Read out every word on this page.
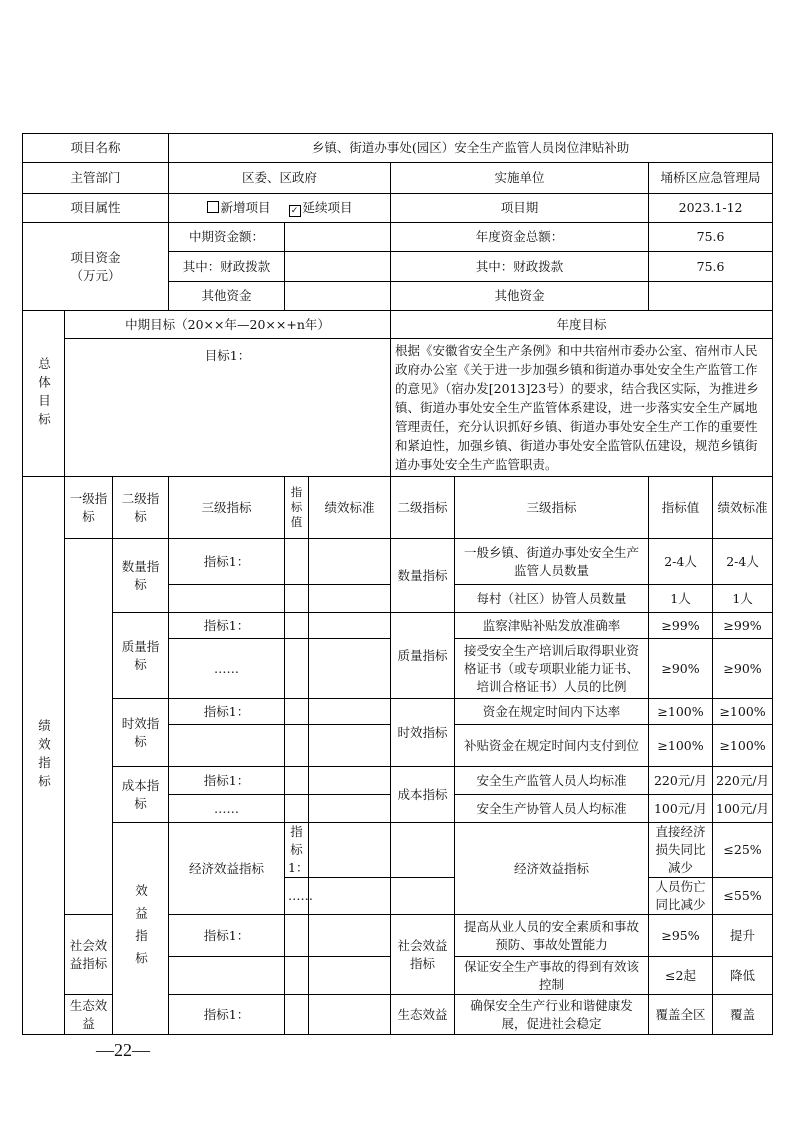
项目名称			乡镇、街道办事处(园区）安全生产监管人员岗位津贴补助							
主管部门			区委、区政府			实施单位		埇桥区应急管理局		
项目属性			新增项目 ✓ 延续项目			项目期		2023.1-12		
项目资金
（万元）			中期资金额：			年度资金总额：		75.6		
			其中：财政拨款			其中：财政拨款		75.6		
			其他资金			其他资金				
总体目标	中期目标（20××年—20××+n年）					年度目标				
	目标1：					根据《安徽省安全生产条例》和中共宿州市委办公室、宿州市人民政府办公室《关于进一步加强乡镇和街道办事处安全生产监管工作的意见》（宿办发[2013]23号）的要求，结合我区实际，为推进乡镇、街道办事处安全生产监管体系建设，进一步落实安全生产属地管理责任，充分认识抓好乡镇、街道办事处安全生产工作的重要性和紧迫性，加强乡镇、街道办事处安全监管队伍建设，规范乡镇街道办事处安全生产监管职责。				
绩效指标	一级指标	二级指标	三级指标	指标值	绩效标准	二级指标	三级指标	指标值	绩效标准	
		数量指标	指标1：			数量指标	一般乡镇、街道办事处安全生产监管人员数量	2-4人	2-4人	
							每村（社区）协管人员数量	1人	1人	
		质量指标	指标1：			质量指标	监察津贴补贴发放准确率	≥99%	≥99%	
			……				接受安全生产培训后取得职业资格证书（或专项职业能力证书、培训合格证书）人员的比例	≥90%	≥90%	
		时效指标	指标1：			时效指标	资金在规定时间内下达率	≥100%	≥100%	
							补贴资金在规定时间内支付到位	≥100%	≥100%	
		成本指标	指标1：			成本指标	安全生产监管人员人均标准	220元/月	220元/月	
			……				安全生产协管人员人均标准	100元/月	100元/月	
		效益指标	经济效益指标	指标1：			经济效益指标	直接经济损失同比减少	≤25%	
				……				人员伤亡同比减少	≤55%	
	社会效益指标		指标1：			社会效益指标	提高从业人员的安全素质和事故预防、事故处置能力	≥95%	提升	
							保证安全生产事故的得到有效该控制	≤2起	降低	
	生态效益		指标1：			生态效益	确保安全生产行业和谐健康发展，促进社会稳定	覆盖全区	覆盖	
—22—
